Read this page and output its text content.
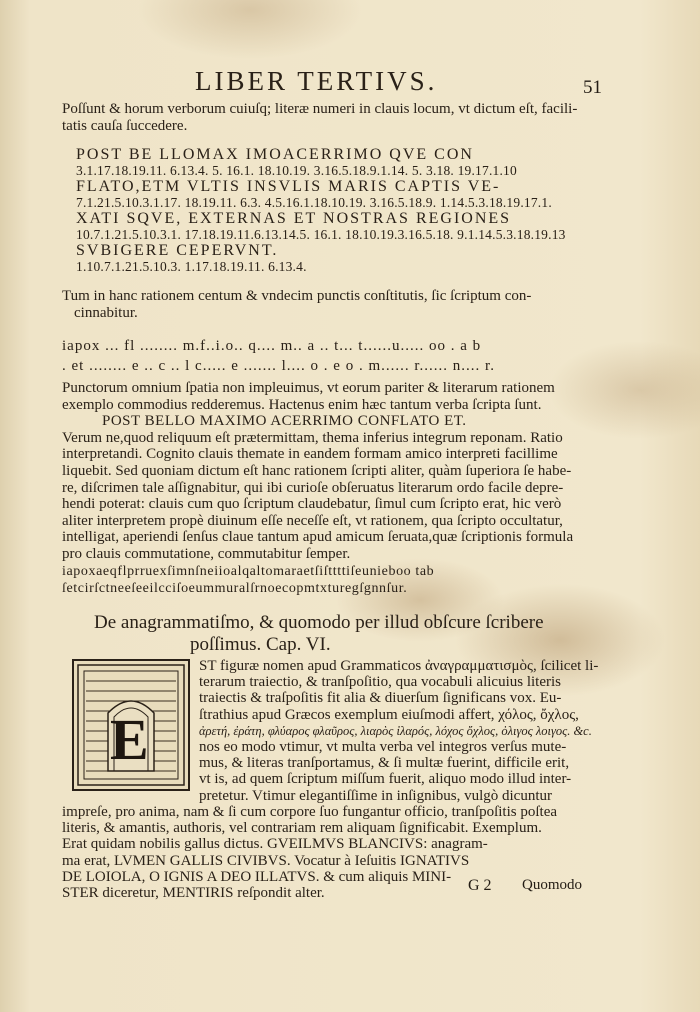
LIBER TERTIVS.	51
Poſſunt & horum verborum cuiuſq; literæ numeri in clauis locum, vt dictum eſt, facili-
tatis cauſa ſuccedere.
POST BE LLOMAX IMOACERRIMO QVE CON
3.1.17.18.19.11. 6.13.4. 5. 16.1. 18.10.19. 3.16.5.18.9.1.14. 5. 3.18. 19.17.1.10
FLATO,ETM VLTIS INSVLIS MARIS CAPTIS VE-
7.1.21.5.10.3.1.17. 18.19.11. 6.3. 4.5.16.1.18.10.19. 3.16.5.18.9. 1.14.5.3.18.19.17.1.
XATI SQVE, EXTERNAS ET NOSTRAS REGIONES
10.7.1.21.5.10.3.1. 17.18.19.11.6.13.14.5. 16.1. 18.10.19.3.16.5.18. 9.1.14.5.3.18.19.13
SVBIGERE CEPERVNT.
1.10.7.1.21.5.10.3. 1.17.18.19.11. 6.13.4.
Tum in hanc rationem centum & vndecim punctis conſtitutis, ſic ſcriptum con-
cinnabitur.
iapox ... fl ........ m.f..i.o.. q.... m.. a .. t... t......u..... oo . a b
. et ........ e .. c .. l c..... e ....... l.... o . e o . m...... r...... n.... r.
Punctorum omnium ſpatia non impleuimus, vt eorum pariter & literarum rationem
exemplo commodius redderemus. Hactenus enim hæc tantum verba ſcripta ſunt.
POST BELLO MAXIMO ACERRIMO CONFLATO ET.
Verum ne,quod reliquum eſt prætermittam, thema inferius integrum reponam. Ratio
interpretandi. Cognito clauis themate in eandem formam amico interpreti facillime
liquebit. Sed quoniam dictum eſt hanc rationem ſcripti aliter, quàm ſuperiora ſe habe-
re, diſcrimen tale aſſignabitur, qui ibi curioſe obſeruatus literarum ordo facile depre-
hendi poterat: clauis cum quo ſcriptum claudebatur, ſimul cum ſcripto erat, hic verò
aliter interpretem propè diuinum eſſe neceſſe eſt, vt rationem, qua ſcripto occultatur,
intelligat, aperiendi ſenſus claue tantum apud amicum ſeruata,quæ ſcriptionis formula
pro clauis commutatione, commutabitur ſemper.
iapoxaeqflprruexſimnſneiioalqaltomaraetſiſttttiſeunieboo tab
ſetcirſctneeſeeilcciſoeummuralſrnoecopmtxturegſgnnſur.
De anagrammatiſmo, & quomodo per illud obſcure ſcribere
poſſimus. Cap. VI.
E
ST figuræ nomen apud Grammaticos ἀναγραμματισμὸς, ſcilicet li-
terarum traiectio, & tranſpoſitio, qua vocabuli alicuius literis
traiectis & traſpoſitis fit alia & diuerſum ſignificans vox. Eu-
ſtrathius apud Græcos exemplum eiuſmodi affert, χόλος, ὄχλος,
ἀρετή, ἐράτη, φλύαρος φλαῦρος, λιαρὸς ἰλαρός, λόχος ὄχλος, ὀλιγος λοιγος. &c.
nos eo modo vtimur, vt multa verba vel integros verſus mute-
mus, & literas tranſportamus, & ſi multæ fuerint, difficile erit,
vt is, ad quem ſcriptum miſſum fuerit, aliquo modo illud inter-
pretetur. Vtimur elegantiſſime in inſignibus, vulgò dicuntur
impreſe, pro anima, nam & ſi cum corpore ſuo fungantur officio, tranſpoſitis poſtea
literis, & amantis, authoris, vel contrariam rem aliquam ſignificabit. Exemplum.
Erat quidam nobilis gallus dictus. GVEILMVS BLANCIVS: anagram-
ma erat, LVMEN GALLIS CIVIBVS. Vocatur à Ieſuitis IGNATIVS
DE LOIOLA, O IGNIS A DEO ILLATVS. & cum aliquis MINI-
STER diceretur, MENTIRIS reſpondit alter.	G 2 Quomodo
